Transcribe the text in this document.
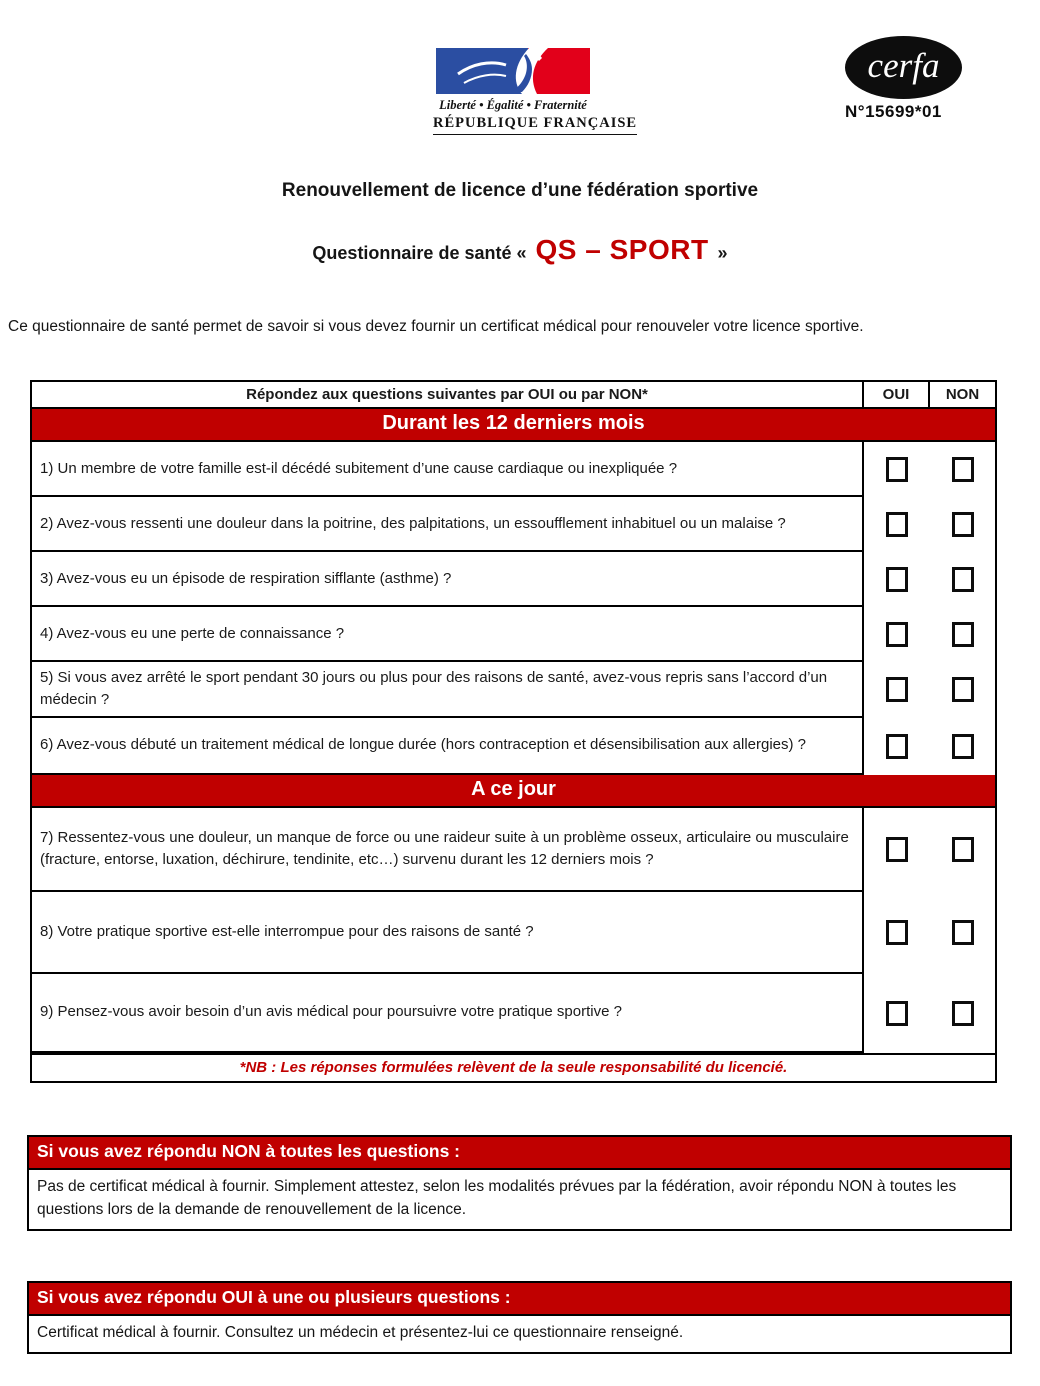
Liberté • Égalité • Fraternité
RÉPUBLIQUE FRANÇAISE
cerfa
N°15699*01
Renouvellement de licence d’une fédération sportive
Questionnaire de santé « QS – SPORT »

Ce questionnaire de santé permet de savoir si vous devez fournir un certificat médical pour renouveler votre licence sportive.

Répondez aux questions suivantes par OUI ou par NON*	OUI	NON
Durant les 12 derniers mois
1) Un membre de votre famille est-il décédé subitement d’une cause cardiaque ou inexpliquée ?
2) Avez-vous ressenti une douleur dans la poitrine, des palpitations, un essoufflement inhabituel ou un malaise ?
3) Avez-vous eu un épisode de respiration sifflante (asthme) ?
4) Avez-vous eu une perte de connaissance ?
5) Si vous avez arrêté le sport pendant 30 jours ou plus pour des raisons de santé, avez-vous repris sans l’accord d’un médecin ?
6) Avez-vous débuté un traitement médical de longue durée (hors contraception et désensibilisation aux allergies) ?
A ce jour
7) Ressentez-vous une douleur, un manque de force ou une raideur suite à un problème osseux, articulaire ou musculaire (fracture, entorse, luxation, déchirure, tendinite, etc…) survenu durant les 12 derniers mois ?
8) Votre pratique sportive est-elle interrompue pour des raisons de santé ?
9) Pensez-vous avoir besoin d’un avis médical pour poursuivre votre pratique sportive ?
*NB : Les réponses formulées relèvent de la seule responsabilité du licencié.
Si vous avez répondu NON à toutes les questions :
Pas de certificat médical à fournir. Simplement attestez, selon les modalités prévues par la fédération, avoir répondu NON à toutes les questions lors de la demande de renouvellement de la licence.
Si vous avez répondu OUI à une ou plusieurs questions :
Certificat médical à fournir. Consultez un médecin et présentez-lui ce questionnaire renseigné.
